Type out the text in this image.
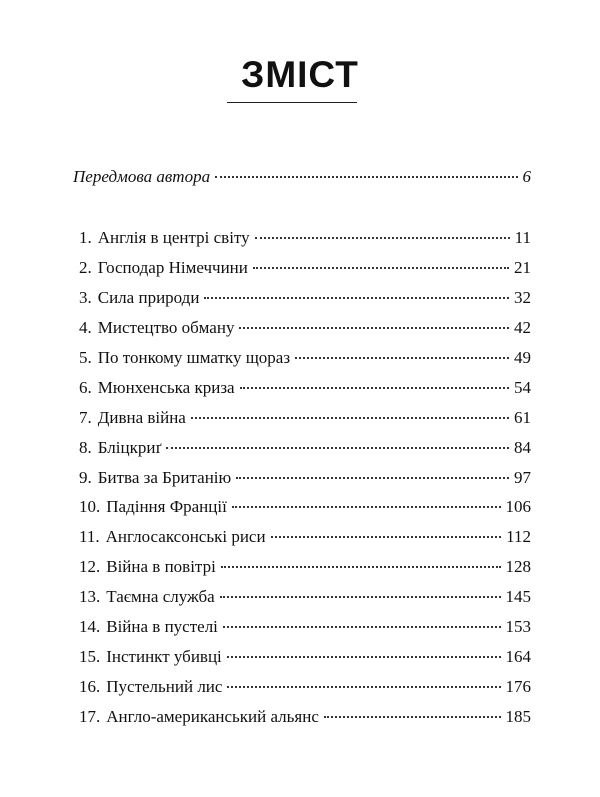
ЗМІСТ
Передмова автора	6
1. Англія в центрі світу	11
2. Господар Німеччини	21
3. Сила природи	32
4. Мистецтво обману	42
5. По тонкому шматку щораз	49
6. Мюнхенська криза	54
7. Дивна війна	61
8. Бліцкриґ	84
9. Битва за Британію	97
10. Падіння Франції	106
11. Англосаксонські риси	112
12. Війна в повітрі	128
13. Таємна служба	145
14. Війна в пустелі	153
15. Інстинкт убивці	164
16. Пустельний лис	176
17. Англо-американський альянс	185
